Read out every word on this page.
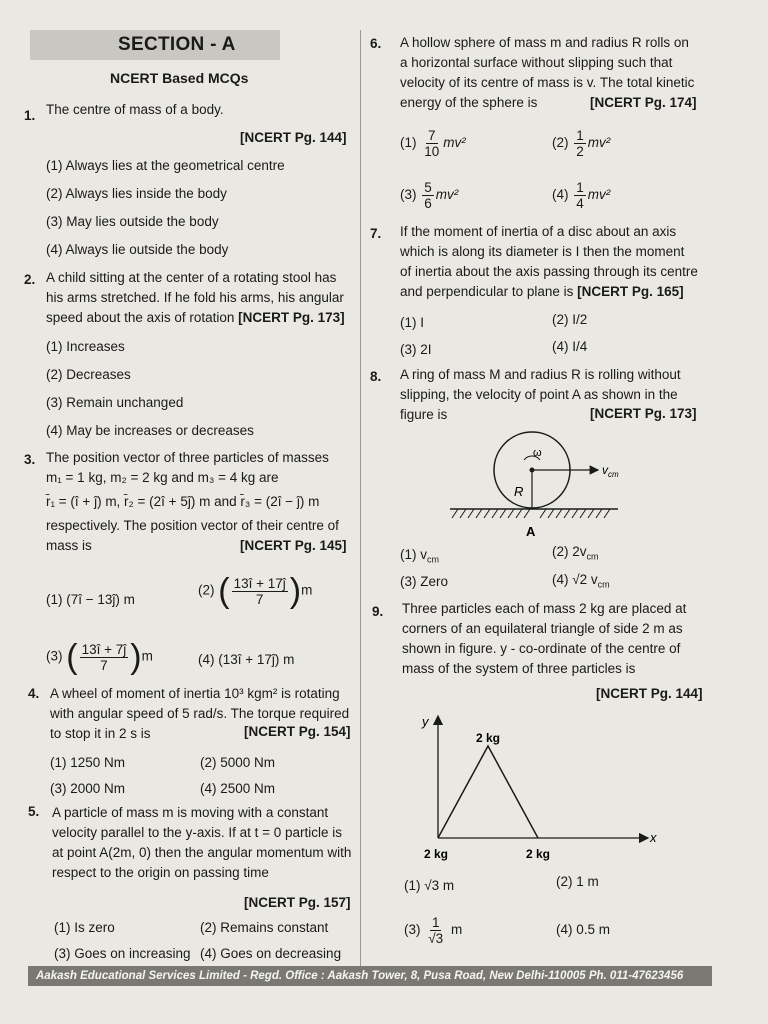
SECTION - A
NCERT Based MCQs
1. The centre of mass of a body.
[NCERT Pg. 144]
(1) Always lies at the geometrical centre
(2) Always lies inside the body
(3) May lies outside the body
(4) Always lie outside the body
2. A child sitting at the center of a rotating stool has
his arms stretched. If he fold his arms, his angular
speed about the axis of rotation [NCERT Pg. 173]
(1) Increases
(2) Decreases
(3) Remain unchanged
(4) May be increases or decreases
3. The position vector of three particles of masses
m₁ = 1 kg, m₂ = 2 kg and m₃ = 4 kg are
r̄₁ = (î + ĵ) m, r̄₂ = (2î + 5ĵ) m and r̄₃ = (2î − ĵ) m
respectively. The position vector of their centre of
mass is	[NCERT Pg. 145]
(1) (7î − 13ĵ) m
(2) ( $\frac{13î + 17ĵ}{7} )m$
(3) ( $\frac{13î + 7ĵ}{7} )m$	(4) (13î + 17ĵ) m
4. A wheel of moment of inertia 10³ kgm² is rotating
with angular speed of 5 rad/s. The torque required
to stop it in 2 s is	[NCERT Pg. 154]
(1) 1250 Nm	(2) 5000 Nm
(3) 2000 Nm	(4) 2500 Nm
5. A particle of mass m is moving with a constant
velocity parallel to the y-axis. If at t = 0 particle is
at point A(2m, 0) then the angular momentum with
respect to the origin on passing time
[NCERT Pg. 157]
(1) Is zero	(2) Remains constant
(3) Goes on increasing (4) Goes on decreasing
6. A hollow sphere of mass m and radius R rolls on
a horizontal surface without slipping such that
velocity of its centre of mass is v. The total kinetic
energy of the sphere is	[NCERT Pg. 174]
$(1) \frac{7}{10} mv^2$	$(2) \frac{1}{2} mv^2$
$(3) \frac{5}{6} mv^2$	$(4) \frac{1}{4} mv^2$
7. If the moment of inertia of a disc about an axis
which is along its diameter is I then the moment
of inertia about the axis passing through its centre
and perpendicular to plane is [NCERT Pg. 165]
(1) I	(2) I/2
(3) 2I	(4) I/4
8. A ring of mass M and radius R is rolling without
slipping, the velocity of point A as shown in the
figure is	[NCERT Pg. 173]
ω
$v_{cm}$
R
A
(1) $v_{cm}$
(2) $2v_{cm}$
(3) Zero	(4) √2 $v_{cm}$
9. Three particles each of mass 2 kg are placed at
corners of an equilateral triangle of side 2 m as
shown in figure. y - co-ordinate of the centre of
mass of the system of three particles is
[NCERT Pg. 144]
y
x
2 kg
2 kg	2 kg
(1) √3 m	(2) 1 m
$(3) \frac{1}{√3}$ m	(4) 0.5 m
Aakash Educational Services Limited - Regd. Office : Aakash Tower, 8, Pusa Road, New Delhi-110005 Ph. 011-47623456
